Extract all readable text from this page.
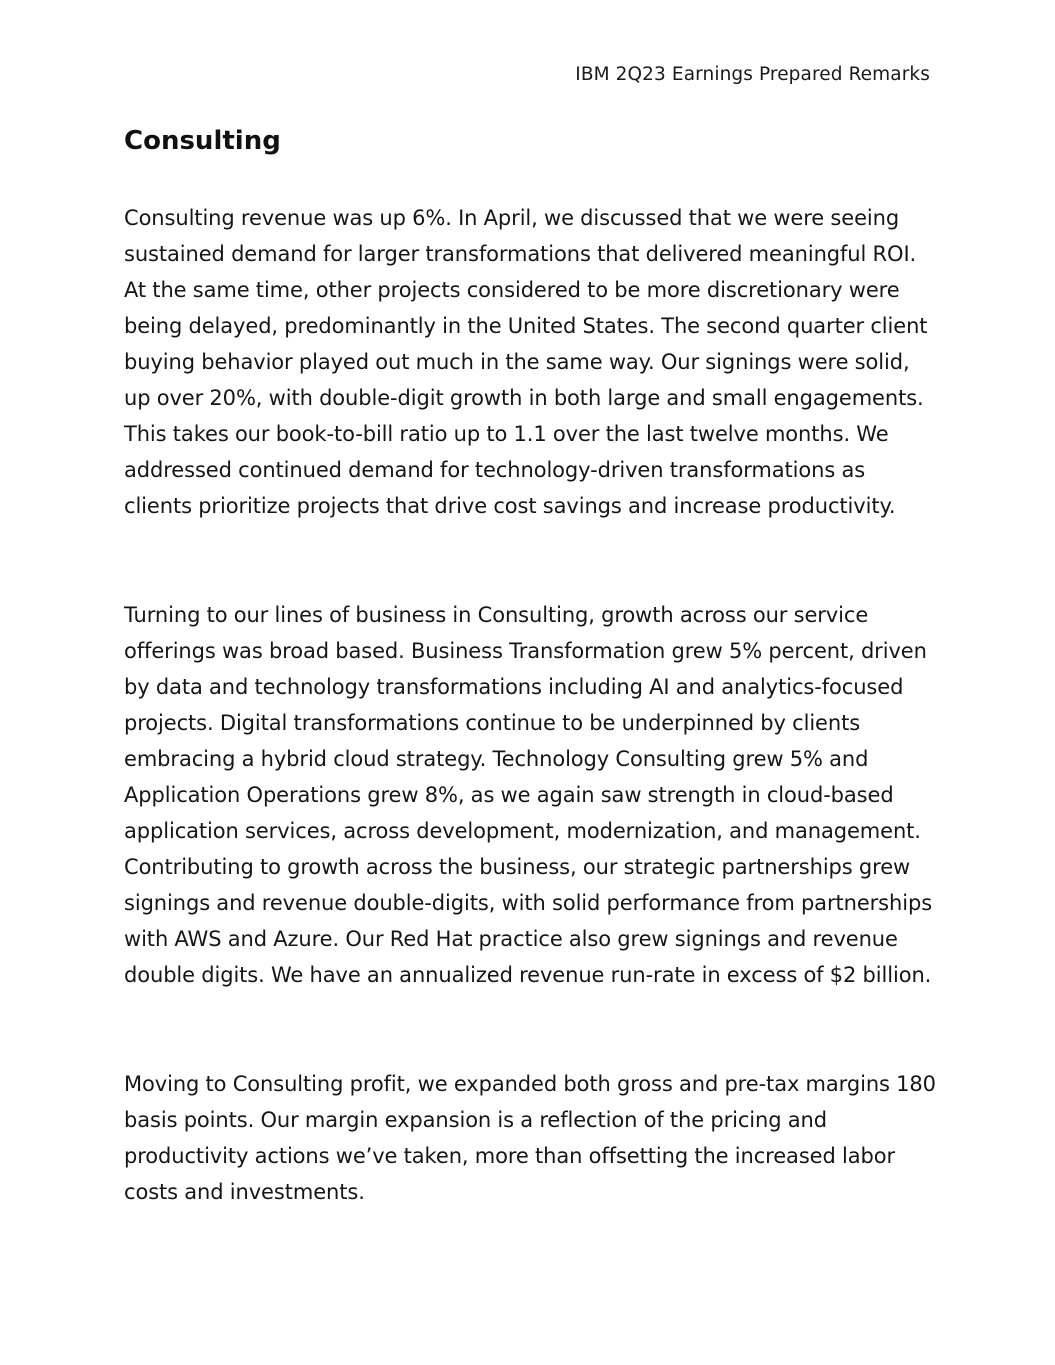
IBM 2Q23 Earnings Prepared Remarks

Consulting

Consulting revenue was up 6%. In April, we discussed that we were seeing sustained demand for larger transformations that delivered meaningful ROI. At the same time, other projects considered to be more discretionary were being delayed, predominantly in the United States. The second quarter client buying behavior played out much in the same way. Our signings were solid, up over 20%, with double-digit growth in both large and small engagements. This takes our book-to-bill ratio up to 1.1 over the last twelve months. We addressed continued demand for technology-driven transformations as clients prioritize projects that drive cost savings and increase productivity.

Turning to our lines of business in Consulting, growth across our service offerings was broad based. Business Transformation grew 5% percent, driven by data and technology transformations including AI and analytics-focused projects. Digital transformations continue to be underpinned by clients embracing a hybrid cloud strategy. Technology Consulting grew 5% and Application Operations grew 8%, as we again saw strength in cloud-based application services, across development, modernization, and management. Contributing to growth across the business, our strategic partnerships grew signings and revenue double-digits, with solid performance from partnerships with AWS and Azure. Our Red Hat practice also grew signings and revenue double digits. We have an annualized revenue run-rate in excess of $2 billion.

Moving to Consulting profit, we expanded both gross and pre-tax margins 180 basis points. Our margin expansion is a reflection of the pricing and productivity actions we’ve taken, more than offsetting the increased labor costs and investments.
